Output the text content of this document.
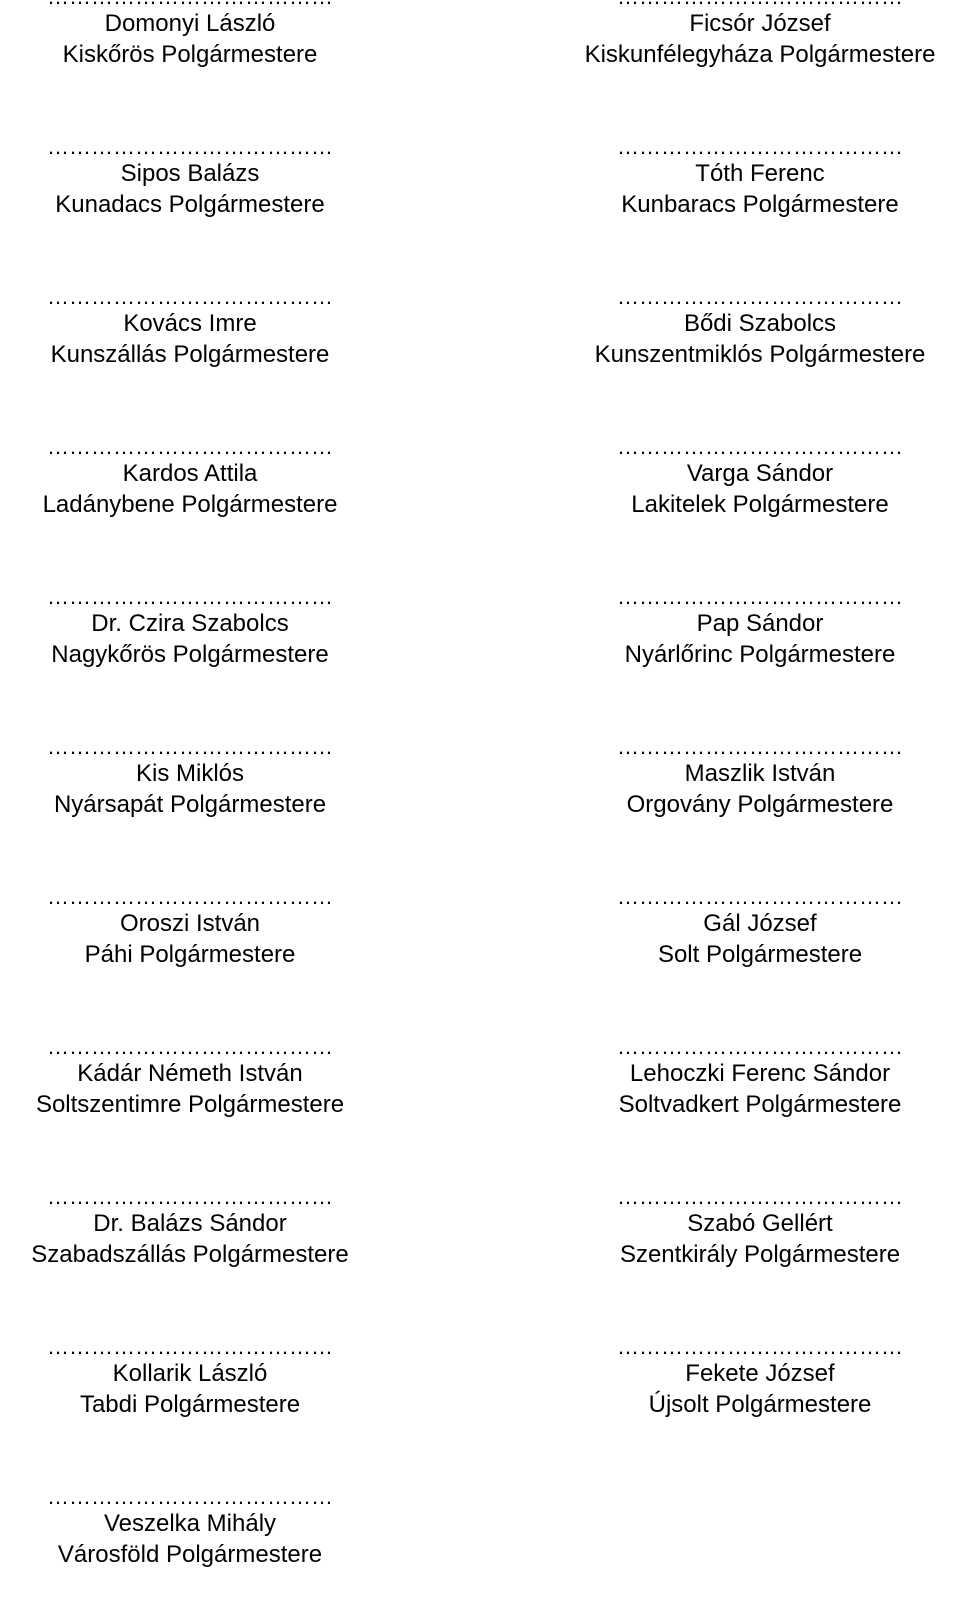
Domonyi László
Kiskőrös Polgármestere
Ficsór József
Kiskunfélegyháza Polgármestere
…………………………………
Sipos Balázs
Kunadacs Polgármestere
…………………………………
Tóth Ferenc
Kunbaracs Polgármestere
…………………………………
Kovács Imre
Kunszállás Polgármestere
…………………………………
Bődi Szabolcs
Kunszentmiklós Polgármestere
…………………………………
Kardos Attila
Ladánybene Polgármestere
…………………………………
Varga Sándor
Lakitelek Polgármestere
…………………………………
Dr. Czira Szabolcs
Nagykőrös Polgármestere
…………………………………
Pap Sándor
Nyárlőrinc Polgármestere
…………………………………
Kis Miklós
Nyársapát Polgármestere
…………………………………
Maszlik István
Orgovány Polgármestere
…………………………………
Oroszi István
Páhi Polgármestere
…………………………………
Gál József
Solt Polgármestere
…………………………………
Kádár Németh István
Soltszentimre Polgármestere
…………………………………
Lehoczki Ferenc Sándor
Soltvadkert Polgármestere
…………………………………
Dr. Balázs Sándor
Szabadszállás Polgármestere
…………………………………
Szabó Gellért
Szentkirály Polgármestere
…………………………………
Kollarik László
Tabdi Polgármestere
…………………………………
Fekete József
Újsolt Polgármestere
…………………………………
Veszelka Mihály
Városföld Polgármestere
